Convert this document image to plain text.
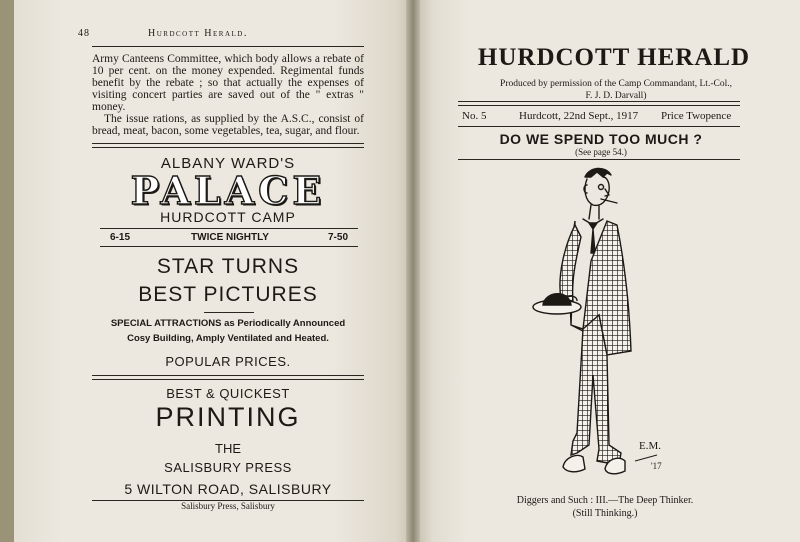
48	Hurdcott Herald.

Army Canteens Committee, which body allows a rebate of 10 per cent. on the money expended. Regimental funds benefit by the rebate ; so that actually the expenses of visiting concert parties are saved out of the " extras " money.

The issue rations, as supplied by the A.S.C., consist of bread, meat, bacon, some vegetables, tea, sugar, and flour.

ALBANY WARD'S
PALACE
HURDCOTT CAMP
6-15	TWICE NIGHTLY	7-50
STAR TURNS
BEST PICTURES
SPECIAL ATTRACTIONS as Periodically Announced
Cosy Building, Amply Ventilated and Heated.
POPULAR PRICES.
BEST & QUICKEST
PRINTING
THE
SALISBURY PRESS
5 WILTON ROAD, SALISBURY
Salisbury Press, Salisbury
HURDCOTT HERALD
Produced by permission of the Camp Commandant, Lt.-Col.,
F. J. D. Darvall)
No. 5	Hurdcott, 22nd Sept., 1917 Price Twopence
DO WE SPEND TOO MUCH ?
(See page 54.)
E.M.
'17
Diggers and Such : III.—The Deep Thinker.
(Still Thinking.)
